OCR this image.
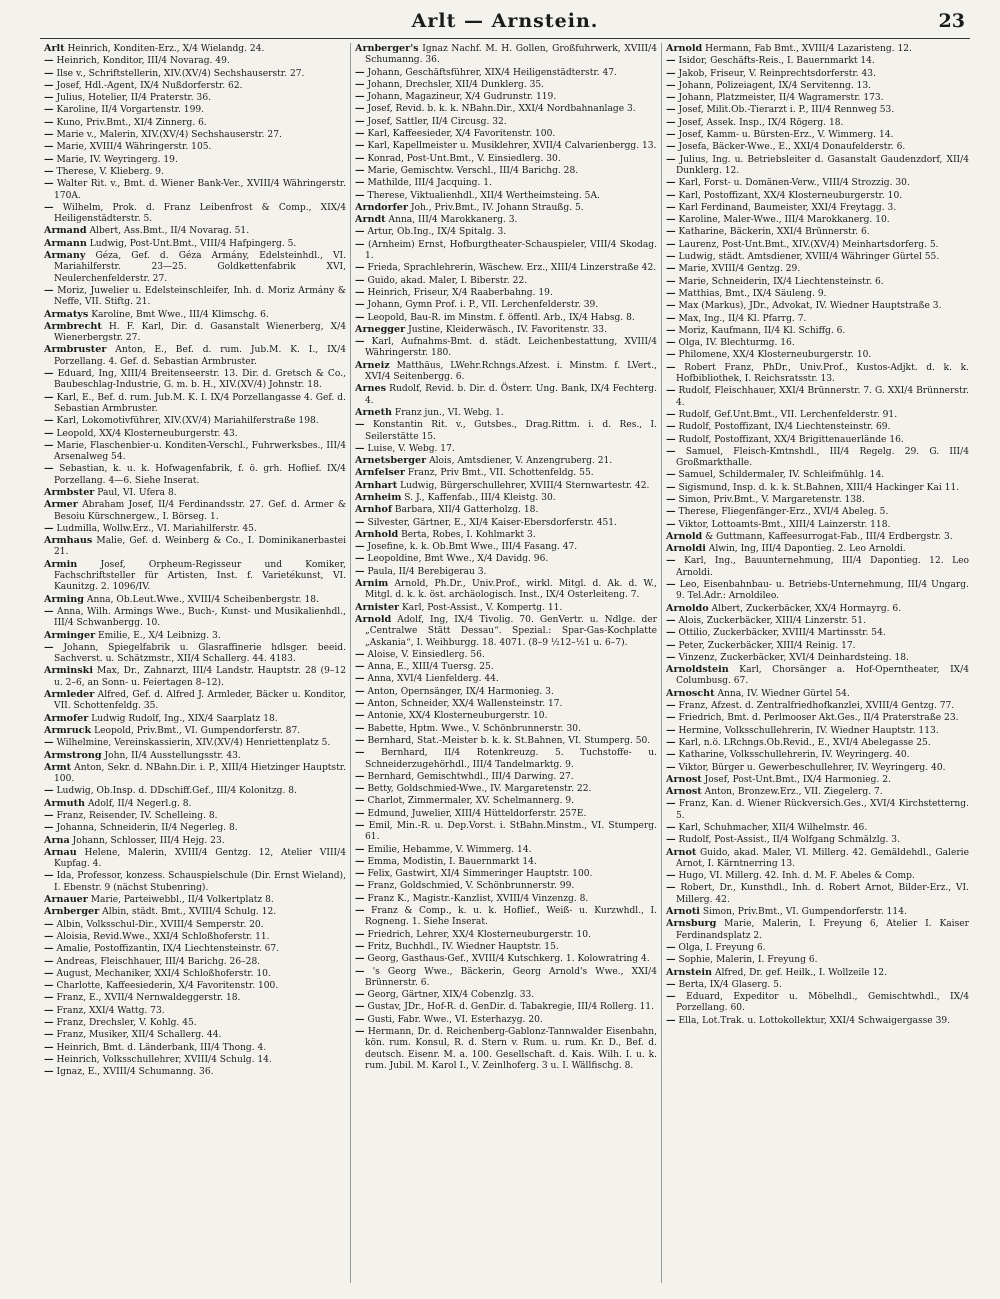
Arlt — Arnstein.	23

Arlt Heinrich, Konditen-Erz., X/4 Wielandg. 24.

— Heinrich, Konditor, III/4 Novarag. 49.

— Ilse v., Schriftstellerin, XIV.(XV/4) Sechshauserstr. 27.

— Josef, Hdl.-Agent, IX/4 Nußdorferstr. 62.

— Julius, Hotelier, II/4 Praterstr. 36.

— Karoline, II/4 Vorgartenstr. 199.

— Kuno, Priv.Bmt., XI/4 Zinnerg. 6.

— Marie v., Malerin, XIV.(XV/4) Sechshauserstr. 27.

— Marie, XVIII/4 Währingerstr. 105.

— Marie, IV. Weyringerg. 19.

— Therese, V. Klieberg. 9.

— Walter Rit. v., Bmt. d. Wiener Bank-Ver., XVIII/4 Währingerstr. 170A.

— Wilhelm, Prok. d. Franz Leibenfrost & Comp., XIX/4 Heiligenstädterstr. 5.

Armand Albert, Ass.Bmt., II/4 Novarag. 51.

Armann Ludwig, Post-Unt.Bmt., VIII/4 Hafpingerg. 5.

Armany Géza, Gef. d. Géza Armány, Edelsteinhdl., VI. Mariahilferstr. 23—25. Goldkettenfabrik XVI, Neulerchenfelderstr. 27.

— Moriz, Juwelier u. Edelsteinschleifer, Inh. d. Moriz Armány & Neffe, VII. Stiftg. 21.

Armatys Karoline, Bmt Wwe., III/4 Klimschg. 6.

Armbrecht H. F. Karl, Dir. d. Gasanstalt Wienerberg, X/4 Wienerbergstr. 27.

Armbruster Anton, E., Bef. d. rum. Jub.M. K. I., IX/4 Porzellang. 4. Gef. d. Sebastian Armbruster.

— Eduard, Ing, XIII/4 Breitenseerstr. 13. Dir. d. Gretsch & Co., Baubeschlag-Industrie, G. m. b. H., XIV.(XV/4) Johnstr. 18.

— Karl, E., Bef. d. rum. Jub.M. K. I. IX/4 Porzellangasse 4. Gef. d. Sebastian Armbruster.

— Karl, Lokomotivführer, XIV.(XV/4) Mariahilferstraße 198.

— Leopold, XX/4 Klosterneuburgerstr. 43.

— Marie, Flaschenbier-u. Konditen-Verschl., Fuhrwerksbes., III/4 Arsenalweg 54.

— Sebastian, k. u. k. Hofwagenfabrik, f. ö. grh. Hoflief. IX/4 Porzellang. 4—6. Siehe Inserat.

Armbster Paul, VI. Ufera 8.

Armer Abraham Josef, II/4 Ferdinandsstr. 27. Gef. d. Armer & Besoiu Kürschnergew., I. Börseg. 1.

— Ludmilla, Wollw.Erz., VI. Mariahilferstr. 45.

Armhaus Malie, Gef. d. Weinberg & Co., I. Dominikanerbastei 21.

Armin	Josef, Orpheum-Regisseur und Komiker, Fachschriftsteller für Artisten, Inst. f. Varietékunst, VI. Kaunitzg. 2. 1096/IV.

Arming Anna, Ob.Leut.Wwe., XVIII/4 Scheibenbergstr. 18.

— Anna, Wilh. Armings Wwe., Buch-, Kunst- und Musikalienhdl., III/4 Schwanbergg. 10.

Arminger Emilie, E., X/4 Leibnizg. 3.

— Johann, Spiegelfabrik u. Glasraffinerie hdlsger. beeid. Sachverst. u. Schätzmstr., XII/4 Schallerg. 44. 4183.

Arminski Max, Dr., Zahnarzt, III/4 Landstr. Hauptstr. 28 (9–12 u. 2–6, an Sonn- u. Feiertagen 8–12).

Armleder Alfred, Gef. d. Alfred J. Armleder, Bäcker u. Konditor, VII. Schottenfeldg. 35.

Armofer Ludwig Rudolf, Ing., XIX/4 Saarplatz 18.

Armruck Leopold, Priv.Bmt., VI. Gumpendorferstr. 87.

— Wilhelmine, Vereinskassierin, XIV.(XV/4) Henriettenplatz 5.

Armstrong John, II/4 Ausstellungsstr. 43.

Armt Anton, Sekr. d. NBahn.Dir. i. P., XIII/4 Hietzinger Hauptstr. 100.

— Ludwig, Ob.Insp. d. DDschiff.Gef., III/4 Kolonitzg. 8.

Armuth Adolf, II/4 Negerl.g. 8.

— Franz, Reisender, IV. Schelleing. 8.

— Johanna, Schneiderin, II/4 Negerleg. 8.

Arna Johann, Schlosser, III/4 Hejg. 23.

Arnau Helene, Malerin, XVIII/4 Gentzg. 12, Atelier VIII/4 Kupfag. 4.

— Ida, Professor, konzess. Schauspielschule (Dir. Ernst Wieland), I. Ebenstr. 9 (nächst Stubenring).

Arnauer Marie, Parteiwebbl., II/4 Volkertplatz 8.

Arnberger Albin, städt. Bmt., XVIII/4 Schulg. 12.

— Albin, Volksschul-Dir., XVIII/4 Semperstr. 20.

— Aloisia, Revid.Wwe., XXI/4 Schloßhoferstr. 11.

— Amalie, Postoffizantin, IX/4 Liechtensteinstr. 67.

— Andreas, Fleischhauer, III/4 Barichg. 26–28.

— August, Mechaniker, XXI/4 Schloßhoferstr. 10.

— Charlotte, Kaffeesiederin, X/4 Favoritenstr. 100.

— Franz, E., XVII/4 Nernwaldeggerstr. 18.

— Franz, XXI/4 Wattg. 73.

— Franz, Drechsler, V. Kohlg. 45.

— Franz, Musiker, XII/4 Schallerg. 44.

— Heinrich, Bmt. d. Länderbank, III/4 Thong. 4.

— Heinrich, Volksschullehrer, XVIII/4 Schulg. 14.

— Ignaz, E., XVIII/4 Schumanng. 36.

Arnberger's Ignaz Nachf. M. H. Gollen, Großfuhrwerk, XVIII/4 Schumanng. 36.

— Johann, Geschäftsführer, XIX/4 Heiligenstädterstr. 47.

— Johann, Drechsler, XII/4 Dunklerg. 35.

— Johann, Magazineur, X/4 Gudrunstr. 119.

— Josef, Revid. b. k. k. NBahn.Dir., XXI/4 Nordbahnanlage 3.

— Josef, Sattler, II/4 Circusg. 32.

— Karl, Kaffeesieder, X/4 Favoritenstr. 100.

— Karl, Kapellmeister u. Musiklehrer, XVII/4 Calvarienbergg. 13.

— Konrad, Post-Unt.Bmt., V. Einsiedlerg. 30.

— Marie, Gemischtw. Verschl., III/4 Barichg. 28.

— Mathilde, III/4 Jacquing. 1.

— Therese, Viktualienhdl., XII/4 Wertheimsteing. 5A.

Arndorfer Joh., Priv.Bmt., IV. Johann Straußg. 5.

Arndt Anna, III/4 Marokkanerg. 3.

— Artur, Ob.Ing., IX/4 Spitalg. 3.

— (Arnheim) Ernst, Hofburgtheater-Schauspieler, VIII/4 Skodag. 1.

— Frieda, Sprachlehrerin, Wäschew. Erz., XIII/4 Linzerstraße 42.

— Guido, akad. Maler, I. Biberstr. 22.

— Heinrich, Friseur, X/4 Raaberbahng. 19.

— Johann, Gymn Prof. i. P., VII. Lerchenfelderstr. 39.

— Leopold, Bau-R. im Minstm. f. öffentl. Arb., IX/4 Habsg. 8.

Arnegger Justine, Kleiderwäsch., IV. Favoritenstr. 33.

— Karl, Aufnahms-Bmt. d. städt. Leichenbestattung, XVIII/4 Währingerstr. 180.

Arneiz Matthäus, LWehr.Rchngs.Afzest. i. Minstm. f. LVert., XVI/4 Seitenbergg. 6.

Arnes Rudolf, Revid. b. Dir. d. Österr. Ung. Bank, IX/4 Fechterg. 4.

Arneth Franz jun., VI. Webg. 1.

— Konstantin Rit. v., Gutsbes., Drag.Rittm. i. d. Res., I. Seilerstätte 15.

— Luise, V. Webg. 17.

Arnetsberger Alois, Amtsdiener, V. Anzengruberg. 21.

Arnfelser Franz, Priv Bmt., VII. Schottenfeldg. 55.

Arnhart Ludwig, Bürgerschullehrer, XVIII/4 Sternwartestr. 42.

Arnheim S. J., Kaffenfab., III/4 Kleistg. 30.

Arnhof Barbara, XII/4 Gatterholzg. 18.

— Silvester, Gärtner, E., XI/4 Kaiser-Ebersdorferstr. 451.

Arnhold Berta, Robes, I. Kohlmarkt 3.

— Josefine, k. k. Ob.Bmt Wwe., III/4 Fasang. 47.

— Leopoldine, Bmt Wwe., X/4 Davidg. 96.

— Paula, II/4 Berebigerau 3.

Arnim Arnold, Ph.Dr., Univ.Prof., wirkl. Mitgl. d. Ak. d. W., Mitgl. d. k. k. öst. archäologisch. Inst., IX/4 Osterleiteng. 7.

Arnister Karl, Post-Assist., V. Kompertg. 11.

Arnold Adolf, Ing, IX/4 Tivolig. 70. GenVertr. u. Ndlge. der „Centralwe Stätt Dessau“. Spezial.: Spar-Gas-Kochplatte „Askania“, I. Weihburgg. 18. 4071. (8–9 ½12–½1 u. 6–7).

— Aloise, V. Einsiedlerg. 56.

— Anna, E., XIII/4 Tuersg. 25.

— Anna, XVI/4 Lienfelderg. 44.

— Anton, Opernsänger, IX/4 Harmonieg. 3.

— Anton, Schneider, XX/4 Wallensteinstr. 17.

— Antonie, XX/4 Klosterneuburgerstr. 10.

— Babette, Hptm. Wwe., V. Schönbrunnerstr. 30.

— Bernhard, Stat.-Meister b. k. k. St.Bahnen, VI. Stumperg. 50.

— Bernhard, II/4 Rotenkreuzg. 5. Tuchstoffe- u. Schneiderzugehörhdl., III/4 Tandelmarktg. 9.

— Bernhard, Gemischtwhdl., III/4 Darwing. 27.

— Betty, Goldschmied-Wwe., IV. Margaretenstr. 22.

— Charlot, Zimmermaler, XV. Schelmannerg. 9.

— Edmund, Juwelier, XIII/4 Hütteldorferstr. 257E.

— Emil, Min.-R. u. Dep.Vorst. i. StBahn.Minstm., VI. Stumperg. 61.

— Emilie, Hebamme, V. Wimmerg. 14.

— Emma, Modistin, I. Bauernmarkt 14.

— Felix, Gastwirt, XI/4 Simmeringer Hauptstr. 100.

— Franz, Goldschmied, V. Schönbrunnerstr. 99.

— Franz K., Magistr.-Kanzlist, XVIII/4 Vinzenzg. 8.

— Franz & Comp., k. u. k. Hoflief., Weiß- u. Kurzwhdl., I. Rogneng. 1. Siehe Inserat.

— Friedrich, Lehrer, XX/4 Klosterneuburgerstr. 10.

— Fritz, Buchhdl., IV. Wiedner Hauptstr. 15.

— Georg, Gasthaus-Gef., XVIII/4 Kutschkerg. 1. Kolowratring 4.

— 's Georg Wwe., Bäckerin, Georg Arnold's Wwe., XXI/4 Brünnerstr. 6.

— Georg, Gärtner, XIX/4 Cobenzlg. 33.

— Gustav, JDr., Hof-R. d. GenDir. d. Tabakregie, III/4 Rollerg. 11.

— Gusti, Fabr. Wwe., VI. Esterhazyg. 20.

— Hermann, Dr. d. Reichenberg-Gablonz-Tannwalder Eisenbahn, kön. rum. Konsul, R. d. Stern v. Rum. u. rum. Kr. D., Bef. d. deutsch. Eisenr. M. a. 100. Gesellschaft. d. Kais. Wilh. I. u. k. rum. Jubil. M. Karol I., V. Zeinlhoferg. 3 u. I. Wällfischg. 8.

Arnold Hermann, Fab Bmt., XVIII/4 Lazaristeng. 12.

— Isidor, Geschäfts-Reis., I. Bauernmarkt 14.

— Jakob, Friseur, V. Reinprechtsdorferstr. 43.

— Johann, Polizeiagent, IX/4 Servitenng. 13.

— Johann, Platzmeister, II/4 Wagramerstr. 173.

— Josef, Milit.Ob.-Tierarzt i. P., III/4 Rennweg 53.

— Josef, Assek. Insp., IX/4 Rögerg. 18.

— Josef, Kamm- u. Bürsten-Erz., V. Wimmerg. 14.

— Josefa, Bäcker-Wwe., E., XXI/4 Donaufelderstr. 6.

— Julius, Ing. u. Betriebsleiter d. Gasanstalt Gaudenzdorf, XII/4 Dunklerg. 12.

— Karl, Forst- u. Domänen-Verw., VIII/4 Strozzig. 30.

— Karl, Postoffizant, XX/4 Klosterneuburgerstr. 10.

— Karl Ferdinand, Baumeister, XXI/4 Freytagg. 3.

— Karoline, Maler-Wwe., III/4 Marokkanerg. 10.

— Katharine, Bäckerin, XXI/4 Brünnerstr. 6.

— Laurenz, Post-Unt.Bmt., XIV.(XV/4) Meinhartsdorferg. 5.

— Ludwig, städt. Amtsdiener, XVIII/4 Währinger Gürtel 55.

— Marie, XVIII/4 Gentzg. 29.

— Marie, Schneiderin, IX/4 Liechtensteinstr. 6.

— Matthias, Bmt., IX/4 Säuleng. 9.

— Max (Markus), JDr., Advokat, IV. Wiedner Hauptstraße 3.

— Max, Ing., II/4 Kl. Pfarrg. 7.

— Moriz, Kaufmann, II/4 Kl. Schiffg. 6.

— Olga, IV. Blechturmg. 16.

— Philomene, XX/4 Klosterneuburgerstr. 10.

— Robert Franz, PhDr., Univ.Prof., Kustos-Adjkt. d. k. k. Hofbibliothek, I. Reichsratsstr. 13.

— Rudolf, Fleischhauer, XXI/4 Brünnerstr. 7. G. XXI/4 Brünnerstr. 4.

— Rudolf, Gef.Unt.Bmt., VII. Lerchenfelderstr. 91.

— Rudolf, Postoffizant, IX/4 Liechtensteinstr. 69.

— Rudolf, Postoffizant, XX/4 Brigittenauerlände 16.

— Samuel, Fleisch-Kmtnshdl., III/4 Regelg. 29. G. III/4 Großmarkthalle.

— Samuel, Schildermaler, IV. Schleifmühlg. 14.

— Sigismund, Insp. d. k. k. St.Bahnen, XIII/4 Hackinger Kai 11.

— Simon, Priv.Bmt., V. Margaretenstr. 138.

— Therese, Fliegenfänger-Erz., XVI/4 Abeleg. 5.

— Viktor, Lottoamts-Bmt., XIII/4 Lainzerstr. 118.

Arnold & Guttmann, Kaffeesurrogat-Fab., III/4 Erdbergstr. 3.

Arnoldi Alwin, Ing, III/4 Dapontieg. 2. Leo Arnoldi.

— Karl, Ing., Bauunternehmung, III/4 Dapontieg. 12. Leo Arnoldi.

— Leo, Eisenbahnbau- u. Betriebs-Unternehmung, III/4 Ungarg. 9. Tel.Adr.: Arnoldileo.

Arnoldo Albert, Zuckerbäcker, XX/4 Hormayrg. 6.

— Alois, Zuckerbäcker, XIII/4 Linzerstr. 51.

— Ottilio, Zuckerbäcker, XVIII/4 Martinsstr. 54.

— Peter, Zuckerbäcker, XIII/4 Reinig. 17.

— Vinzenz, Zuckerbäcker, XVI/4 Deinhardsteing. 18.

Arnoldstein Karl, Chorsänger a. Hof-Operntheater, IX/4 Columbusg. 67.

Arnoscht Anna, IV. Wiedner Gürtel 54.

— Franz, Afzest. d. Zentralfriedhofkanzlei, XVIII/4 Gentzg. 77.

— Friedrich, Bmt. d. Perlmooser Akt.Ges., II/4 Praterstraße 23.

— Hermine, Volksschullehrerin, IV. Wiedner Hauptstr. 113.

— Karl, n.ö. LRchngs.Ob.Revid., E., XVI/4 Abelegasse 25.

— Katharine, Volksschullehrerin, IV. Weyringerg. 40.

— Viktor, Bürger u. Gewerbeschullehrer, IV. Weyringerg. 40.

Arnost Josef, Post-Unt.Bmt., IX/4 Harmonieg. 2.

Arnost Anton, Bronzew.Erz., VII. Ziegelerg. 7.

— Franz, Kan. d. Wiener Rückversich.Ges., XVI/4 Kirchstetterng. 5.

— Karl, Schuhmacher, XII/4 Wilhelmstr. 46.

— Rudolf, Post-Assist., II/4 Wolfgang Schmälzlg. 3.

Arnot Guido, akad. Maler, VI. Millerg. 42. Gemäldehdl., Galerie Arnot, I. Kärntnerring 13.

— Hugo, VI. Millerg. 42. Inh. d. M. F. Abeles & Comp.

— Robert, Dr., Kunsthdl., Inh. d. Robert Arnot, Bilder-Erz., VI. Millerg. 42.

Arnoti Simon, Priv.Bmt., VI. Gumpendorferstr. 114.

Arnsburg Marie, Malerin, I. Freyung 6, Atelier I. Kaiser Ferdinandsplatz 2.

— Olga, I. Freyung 6.

— Sophie, Malerin, I. Freyung 6.

Arnstein Alfred, Dr. gef. Heilk., I. Wollzeile 12.

— Berta, IX/4 Glaserg. 5.

— Eduard, Expeditor u. Möbelhdl., Gemischtwhdl., IX/4 Porzellang. 60.

— Ella, Lot.Trak. u. Lottokollektur, XXI/4 Schwaigergasse 39.
